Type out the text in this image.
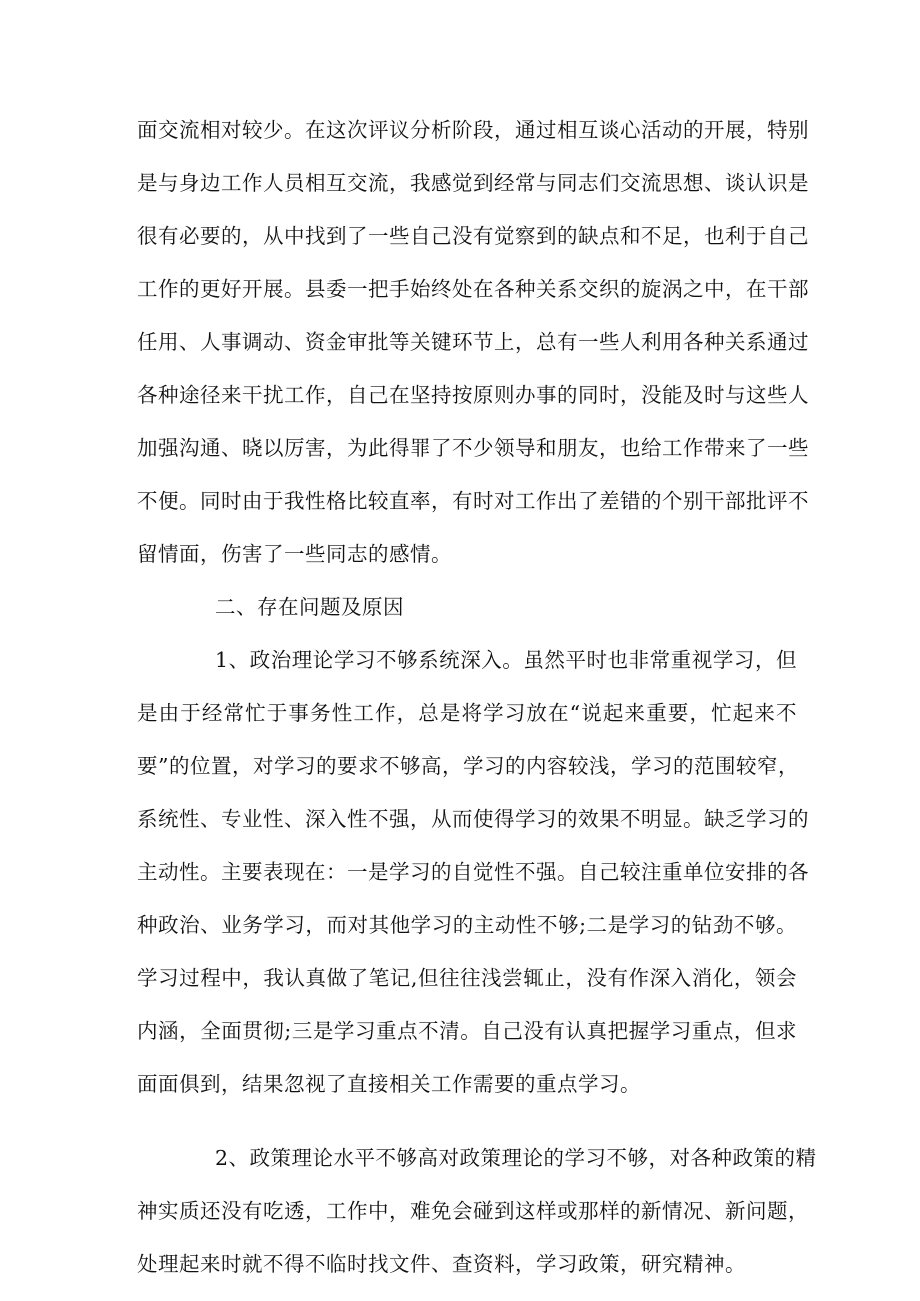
面交流相对较少。在这次评议分析阶段，通过相互谈心活动的开展，特别
是与身边工作人员相互交流，我感觉到经常与同志们交流思想、谈认识是
很有必要的，从中找到了一些自己没有觉察到的缺点和不足，也利于自己
工作的更好开展。县委一把手始终处在各种关系交织的旋涡之中，在干部
任用、人事调动、资金审批等关键环节上，总有一些人利用各种关系通过
各种途径来干扰工作，自己在坚持按原则办事的同时，没能及时与这些人
加强沟通、晓以厉害，为此得罪了不少领导和朋友，也给工作带来了一些
不便。同时由于我性格比较直率，有时对工作出了差错的个别干部批评不
留情面，伤害了一些同志的感情。
二、存在问题及原因
1、政治理论学习不够系统深入。虽然平时也非常重视学习，但
是由于经常忙于事务性工作，总是将学习放在“说起来重要，忙起来不
要”的位置，对学习的要求不够高，学习的内容较浅，学习的范围较窄，
系统性、专业性、深入性不强，从而使得学习的效果不明显。缺乏学习的
主动性。主要表现在：一是学习的自觉性不强。自己较注重单位安排的各
种政治、业务学习，而对其他学习的主动性不够;二是学习的钻劲不够。
学习过程中，我认真做了笔记,但往往浅尝辄止，没有作深入消化，领会
内涵，全面贯彻;三是学习重点不清。自己没有认真把握学习重点，但求
面面俱到，结果忽视了直接相关工作需要的重点学习。
2、政策理论水平不够高对政策理论的学习不够，对各种政策的精
神实质还没有吃透，工作中，难免会碰到这样或那样的新情况、新问题，
处理起来时就不得不临时找文件、查资料，学习政策，研究精神。
